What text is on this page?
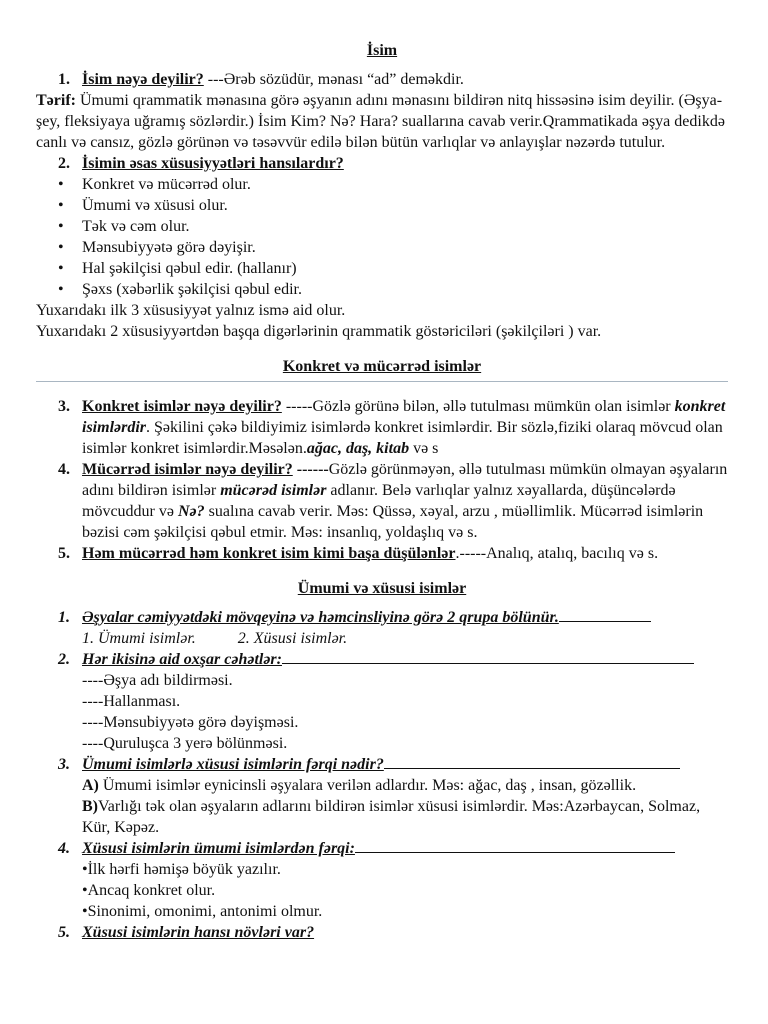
İsim
1. İsim nəyə deyilir? ---Ərəb sözüdür, mənası “ad” deməkdir.
Tərif: Ümumi qrammatik mənasına görə əşyanın adını mənasını bildirən nitq hissəsinə isim deyilir. (Əşya-şey, fleksiyaya uğramış sözlərdir.) İsim Kim? Nə? Hara? suallarına cavab verir.Qrammatikada əşya dedikdə canlı və cansız, gözlə görünən və təsəvvür edilə bilən bütün varlıqlar və anlayışlar nəzərdə tutulur.
2. İsimin əsas xüsusiyyətləri hansılardır?
• Konkret və mücərrəd olur.
• Ümumi və xüsusi olur.
• Tək və cəm olur.
• Mənsubiyyətə görə dəyişir.
• Hal şəkilçisi qəbul edir. (hallanır)
• Şəxs (xəbərlik şəkilçisi qəbul edir.
Yuxarıdakı ilk 3 xüsusiyyət yalnız ismə aid olur.
Yuxarıdakı 2 xüsusiyyərtdən başqa digərlərinin qrammatik göstəriciləri (şəkilçiləri ) var.
Konkret və mücərrəd isimlər
3. Konkret isimlər nəyə deyilir? -----Gözlə görünə bilən, əllə tutulması mümkün olan isimlər konkret isimlərdir. Şəkilini çəkə bildiyimiz isimlərdə konkret isimlərdir. Bir sözlə,fiziki olaraq mövcud olan isimlər konkret isimlərdir.Məsələn.ağac, daş, kitab və s
4. Mücərrəd isimlər nəyə deyilir? ------Gözlə görünməyən, əllə tutulması mümkün olmayan əşyaların adını bildirən isimlər mücərəd isimlər adlanır. Belə varlıqlar yalnız xəyallarda, düşüncələrdə mövcuddur və Nə? sualına cavab verir. Məs: Qüssə, xəyal, arzu , müəllimlik. Mücərrəd isimlərin bəzisi cəm şəkilçisi qəbul etmir. Məs: insanlıq, yoldaşlıq və s.
5. Həm mücərrəd həm konkret isim kimi başa düşülənlər.-----Analıq, atalıq, bacılıq və s.
Ümumi və xüsusi isimlər
1. Əşyalar cəmiyyətdəki mövqeyinə və həmcinsliyinə görə 2 qrupa bölünür.
1. Ümumi isimlər.	2. Xüsusi isimlər.
2. Hər ikisinə aid oxşar cəhətlər:
----Əşya adı bildirməsi.
----Hallanması.
----Mənsubiyyətə görə dəyişməsi.
----Quruluşca 3 yerə bölünməsi.
3. Ümumi isimlərlə xüsusi isimlərin fərqi nədir?
A) Ümumi isimlər eynicinsli əşyalara verilən adlardır. Məs: ağac, daş , insan, gözəllik.
B)Varlığı tək olan əşyaların adlarını bildirən isimlər xüsusi isimlərdir. Məs:Azərbaycan, Solmaz, Kür, Kəpəz.
4. Xüsusi isimlərin ümumi isimlərdən fərqi:
•İlk hərfi həmişə böyük yazılır.
•Ancaq konkret olur.
•Sinonimi, omonimi, antonimi olmur.
5. Xüsusi isimlərin hansı növləri var?
